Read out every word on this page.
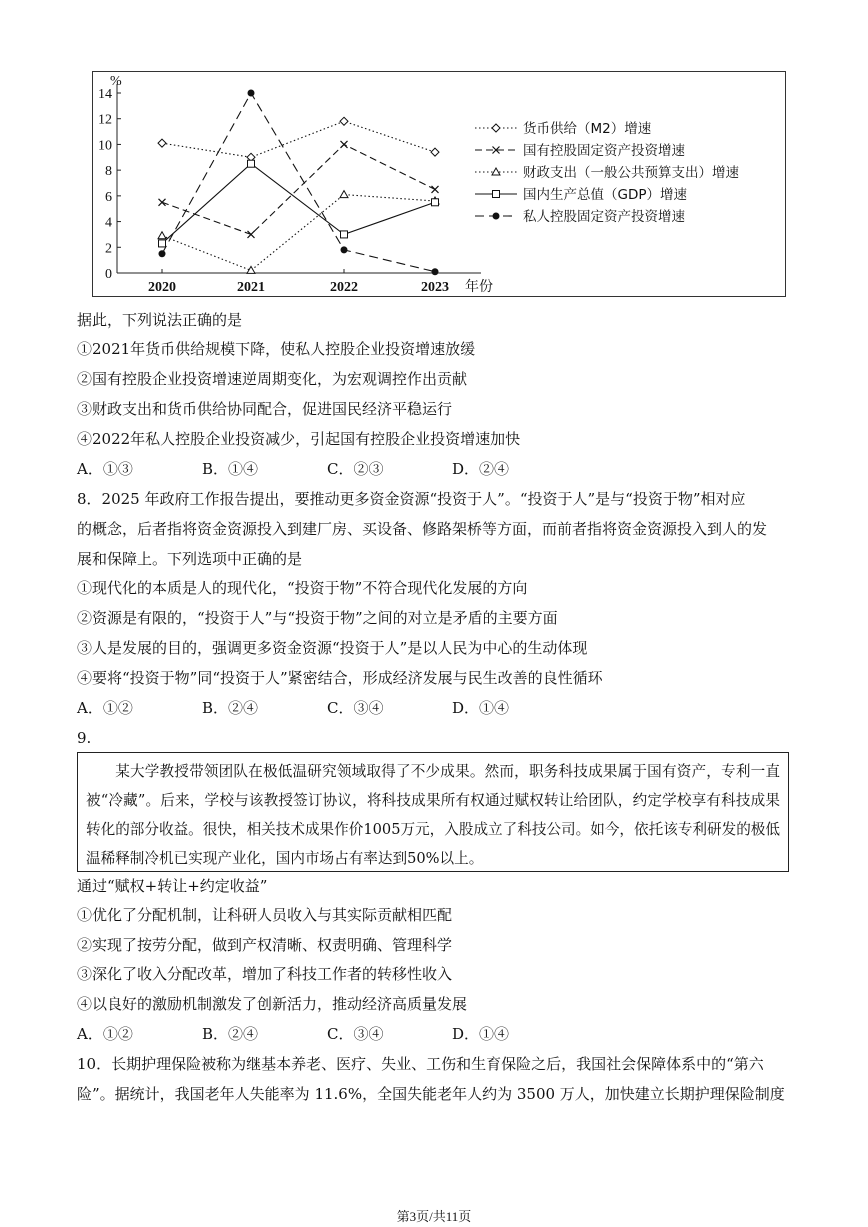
0
2
4
6
8
10
12
14
%
2020	2021	2022	2023 年份
货币供给（M2）增速
国有控股固定资产投资增速
财政支出（一般公共预算支出）增速
国内生产总值（GDP）增速
私人控股固定资产投资增速
据此，下列说法正确的是
①2021年货币供给规模下降，使私人控股企业投资增速放缓
②国有控股企业投资增速逆周期变化，为宏观调控作出贡献
③财政支出和货币供给协同配合，促进国民经济平稳运行
④2022年私人控股企业投资减少，引起国有控股企业投资增速加快
A．①③	B．①④	C．②③	D．②④
8．2025 年政府工作报告提出，要推动更多资金资源“投资于人”。“投资于人”是与“投资于物”相对应
的概念，后者指将资金资源投入到建厂房、买设备、修路架桥等方面，而前者指将资金资源投入到人的发
展和保障上。下列选项中正确的是
①现代化的本质是人的现代化，“投资于物”不符合现代化发展的方向
②资源是有限的，“投资于人”与“投资于物”之间的对立是矛盾的主要方面
③人是发展的目的，强调更多资金资源“投资于人”是以人民为中心的生动体现
④要将“投资于物”同“投资于人”紧密结合，形成经济发展与民生改善的良性循环
A．①②	B．②④	C．③④	D．①④
9.

某大学教授带领团队在极低温研究领域取得了不少成果。然而，职务科技成果属于国有资产，专利一直被“冷藏”。后来，学校与该教授签订协议，将科技成果所有权通过赋权转让给团队，约定学校享有科技成果转化的部分收益。很快，相关技术成果作价1005万元，入股成立了科技公司。如今，依托该专利研发的极低温稀释制冷机已实现产业化，国内市场占有率达到50%以上。

通过“赋权+转让+约定收益”
①优化了分配机制，让科研人员收入与其实际贡献相匹配
②实现了按劳分配，做到产权清晰、权责明确、管理科学
③深化了收入分配改革，增加了科技工作者的转移性收入
④以良好的激励机制激发了创新活力，推动经济高质量发展
A．①②	B．②④	C．③④	D．①④
10．长期护理保险被称为继基本养老、医疗、失业、工伤和生育保险之后，我国社会保障体系中的“第六
险”。据统计，我国老年人失能率为 11.6%，全国失能老年人约为 3500 万人，加快建立长期护理保险制度
第3页/共11页
